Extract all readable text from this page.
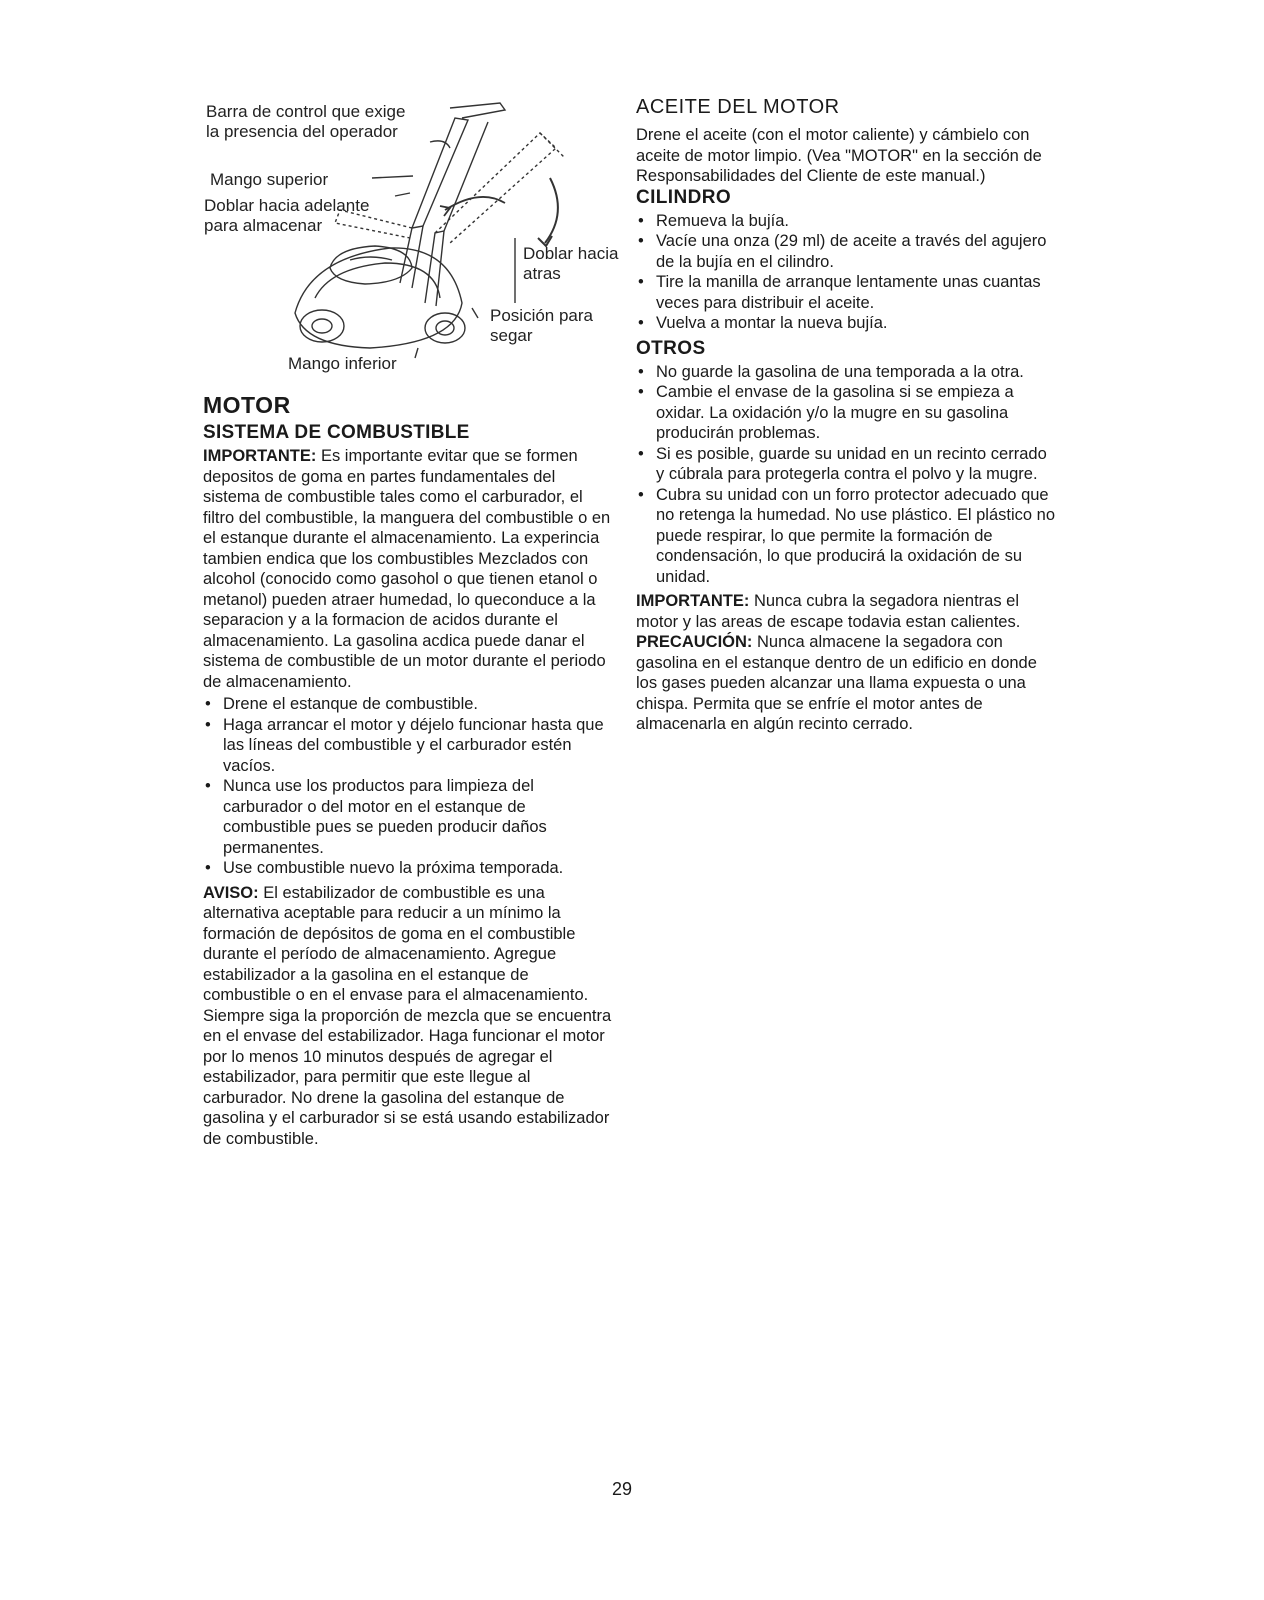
Barra de control que exige
la presencia del operador
Mango superior
Doblar hacia adelante
para almacenar
Doblar hacia
atras
Posición para
segar
Mango inferior
MOTOR
SISTEMA DE COMBUSTIBLE

IMPORTANTE: Es importante evitar que se formen depositos de goma en partes fundamentales del sistema de combustible tales como el carburador, el filtro del combustible, la manguera del combustible o en el estanque durante el almacenamiento. La experincia tambien endica que los combustibles Mezclados con alcohol (conocido como gasohol o que tienen etanol o metanol) pueden atraer humedad, lo queconduce a la separacion y a la formacion de acidos durante el almacenamiento. La gasolina acdica puede danar el sistema de combustible de un motor durante el periodo de almacenamiento.

• Drene el estanque de combustible.
• Haga arrancar el motor y déjelo funcionar hasta que las líneas del combustible y el carburador estén vacíos.
• Nunca use los productos para limpieza del carburador o del motor en el estanque de combustible pues se pueden producir daños permanentes.
• Use combustible nuevo la próxima temporada.

AVISO: El estabilizador de combustible es una alternativa aceptable para reducir a un mínimo la formación de depósitos de goma en el combustible durante el período de almacenamiento. Agregue estabilizador a la gasolina en el estanque de combustible o en el envase para el almacenamiento. Siempre siga la proporción de mezcla que se encuentra en el envase del estabilizador. Haga funcionar el motor por lo menos 10 minutos después de agregar el estabilizador, para permitir que este llegue al carburador. No drene la gasolina del estanque de gasolina y el carburador si se está usando estabilizador de combustible.

ACEITE DEL MOTOR

Drene el aceite (con el motor caliente) y cámbielo con aceite de motor limpio. (Vea "MOTOR" en la sección de Responsabilidades del Cliente de este manual.)

CILINDRO
• Remueva la bujía.
• Vacíe una onza (29 ml) de aceite a través del agujero de la bujía en el cilindro.
• Tire la manilla de arranque lentamente unas cuantas veces para distribuir el aceite.
• Vuelva a montar la nueva bujía.
OTROS
• No guarde la gasolina de una temporada a la otra.
• Cambie el envase de la gasolina si se empieza a oxidar. La oxidación y/o la mugre en su gasolina producirán problemas.
• Si es posible, guarde su unidad en un recinto cerrado y cúbrala para protegerla contra el polvo y la mugre.
• Cubra su unidad con un forro protector adecuado que no retenga la humedad. No use plástico. El plástico no puede respirar, lo que permite la formación de condensación, lo que producirá la oxidación de su unidad.

IMPORTANTE: Nunca cubra la segadora nientras el motor y las areas de escape todavia estan calientes.

PRECAUCIÓN: Nunca almacene la segadora con gasolina en el estanque dentro de un edificio en donde los gases pueden alcanzar una llama expuesta o una chispa. Permita que se enfríe el motor antes de almacenarla en algún recinto cerrado.

29
